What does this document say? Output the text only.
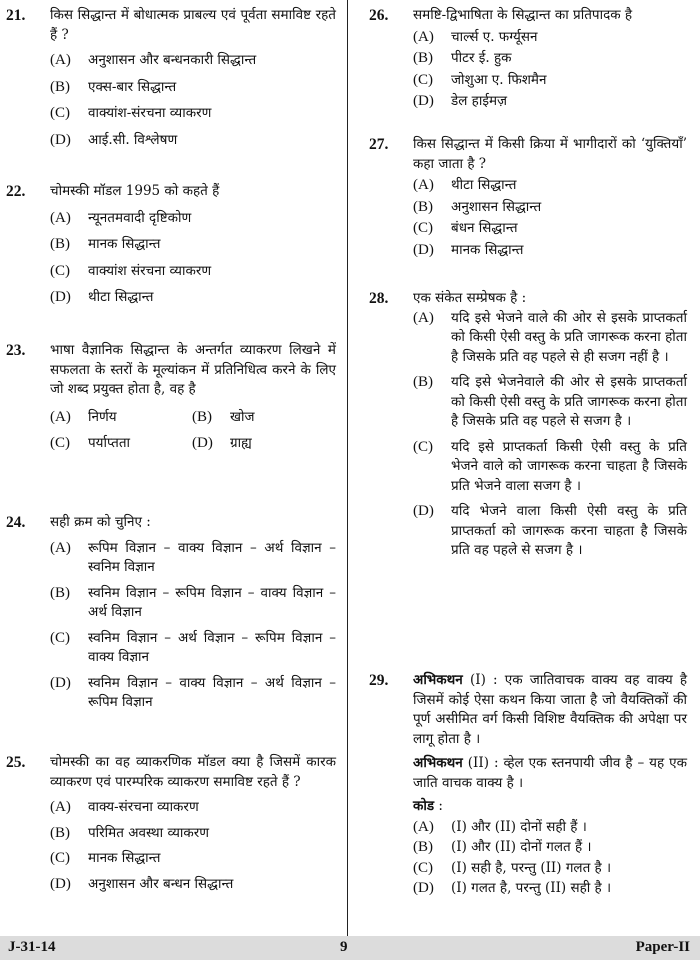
21. किस सिद्धान्त में बोधात्मक प्राबल्य एवं पूर्वता समाविष्ट रहते हैं ?
(A) अनुशासन और बन्धनकारी सिद्धान्त
(B) एक्स-बार सिद्धान्त
(C) वाक्यांश-संरचना व्याकरण
(D) आई.सी. विश्लेषण
22. चोमस्की मॉडल 1995 को कहते हैं
(A) न्यूनतमवादी दृष्टिकोण
(B) मानक सिद्धान्त
(C) वाक्यांश संरचना व्याकरण
(D) थीटा सिद्धान्त
23. भाषा वैज्ञानिक सिद्धान्त के अन्तर्गत व्याकरण लिखने में सफलता के स्तरों के मूल्यांकन में प्रतिनिधित्व करने के लिए जो शब्द प्रयुक्त होता है, वह है
(A) निर्णय	(B) खोज
(C) पर्याप्तता	(D) ग्राह्य
24. सही क्रम को चुनिए :
(A) रूपिम विज्ञान – वाक्य विज्ञान – अर्थ विज्ञान – स्वनिम विज्ञान
(B) स्वनिम विज्ञान – रूपिम विज्ञान – वाक्य विज्ञान – अर्थ विज्ञान
(C) स्वनिम विज्ञान – अर्थ विज्ञान – रूपिम विज्ञान – वाक्य विज्ञान
(D) स्वनिम विज्ञान – वाक्य विज्ञान – अर्थ विज्ञान – रूपिम विज्ञान
25. चोमस्की का वह व्याकरणिक मॉडल क्या है जिसमें कारक व्याकरण एवं पारम्परिक व्याकरण समाविष्ट रहते हैं ?
(A) वाक्य-संरचना व्याकरण
(B) परिमित अवस्था व्याकरण
(C) मानक सिद्धान्त
(D) अनुशासन और बन्धन सिद्धान्त
26. समष्टि-द्विभाषिता के सिद्धान्त का प्रतिपादक है
(A) चार्ल्स ए. फर्ग्यूसन
(B) पीटर ई. हुक
(C) जोशुआ ए. फिशमैन
(D) डेल हाईमज़
27. किस सिद्धान्त में किसी क्रिया में भागीदारों को ‘युक्तियाँ’ कहा जाता है ?
(A) थीटा सिद्धान्त
(B) अनुशासन सिद्धान्त
(C) बंधन सिद्धान्त
(D) मानक सिद्धान्त
28. एक संकेत सम्प्रेषक है :
(A) यदि इसे भेजने वाले की ओर से इसके प्राप्तकर्ता को किसी ऐसी वस्तु के प्रति जागरूक करना होता है जिसके प्रति वह पहले से ही सजग नहीं है ।
(B) यदि इसे भेजनेवाले की ओर से इसके प्राप्तकर्ता को किसी ऐसी वस्तु के प्रति जागरूक करना होता है जिसके प्रति वह पहले से सजग है ।
(C) यदि इसे प्राप्तकर्ता किसी ऐसी वस्तु के प्रति भेजने वाले को जागरूक करना चाहता है जिसके प्रति भेजने वाला सजग है ।
(D) यदि भेजने वाला किसी ऐसी वस्तु के प्रति प्राप्तकर्ता को जागरूक करना चाहता है जिसके प्रति वह पहले से सजग है ।
29. अभिकथन (I) : एक जातिवाचक वाक्य वह वाक्य है जिसमें कोई ऐसा कथन किया जाता है जो वैयक्तिकों की पूर्ण असीमित वर्ग किसी विशिष्ट वैयक्तिक की अपेक्षा पर लागू होता है ।
अभिकथन (II) : व्हेल एक स्तनपायी जीव है – यह एक जाति वाचक वाक्य है ।
कोड :
(A) (I) और (II) दोनों सही हैं ।
(B) (I) और (II) दोनों गलत हैं ।
(C) (I) सही है, परन्तु (II) गलत है ।
(D) (I) गलत है, परन्तु (II) सही है ।
J-31-14	9	Paper-II
